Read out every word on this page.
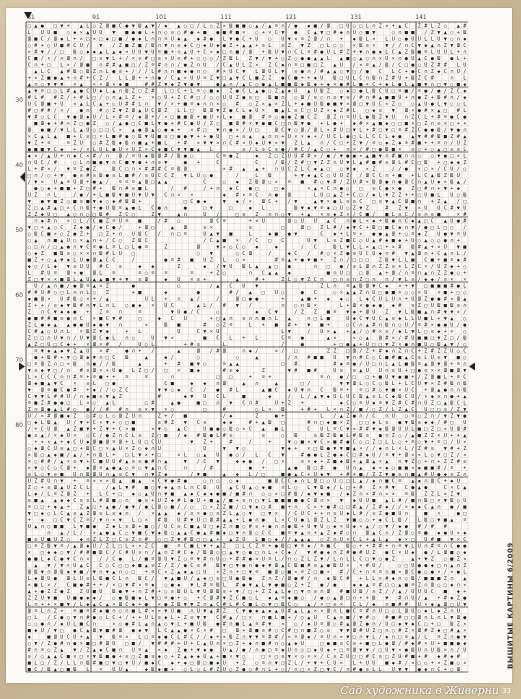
□ ▲ ● □ ▼ + ▲ L ○ Z Ш ■ C ● ▼ Ш ▲ ▼ / ◆ ▲ ○ □ / L ○ Z × Ш ■ ■ ○ ▲ / ▲ ≡ ∩ / ● ◆ ■ / Ш □ U ○ □ L ∩ Z × + ▲ C Z # L Z ○ ▲ #
L U U ■ ○ ◆ × ▲ U U ▼ ■ ● ● L + ∩ ○ ≡ ○ # ● + ■ ● ■ # ■ × ○ + × C ▼ ● C ▲ ▼ □ # ◆ ∩ U ○ ■ ▼	○ ∩ ■ ■ / Z ▼ ▲ ○ + Ш
Ш ■ C / Ш ◆ L + × □ × □ ◆ □ ■ / ● ◆ L ∩ ∩ ≡ U ◆ ▲ ◆ # ● L ▼ ● C + U ○ U ▼ × ≡ Z Ш / ∩ + ◆ Ш L × L U ○ ● U U L L U ▼ ○ ∩ ◆
○ # + ○ U ■ # C U / ▼ / Z ■ Z ■ / Ш ∩ ▼ ∩ ≡ ◆ C □ ◆ U ◆ ● Z + ▲ ▲ + ≡ L ≡ Z ▼ Z □ L ○ ○ × Ш ≡ × ▼ / / ∩ C ▼ ◆ ▲ ∩ Z ▼ Ш C
× # ▼ / / □ Ш ○ ◆ ◆ ▲ L ▲ ◆ × U U ▼ U ≡ ■ + ∩ ▲ U + C × ◆ □ ∩ ■ / Ш + Ш U ▼ ∩ C L ≡ # ● U L # Z + ▼ ∩ ● ◆ L C ▲ Z Ш ■ ≡ L U U L + ∩
C ■ / × / ∩ Ш ∩ / □ ≡ ▼ L + / × ≡ # □ ≡ × U ∩ # + ○ ○ ○ / Z Ш L Z ▼ / ▼ + ○ Z ○ ● ● ▲ ▲ L ▲ ■ ○ ▲ ○ ∩ × U × ∩ ● U ▲ C ● Ш ● L +
C ∩ + □ L × / Ш ■ ∩ # # ▲ ■ □ / Z ≡ # ∩ ∩ / ● Z ∩ U / C ▲ U L Z × Z C ◆ ∩ ≡ □ ■ □ Z ▲ U / × ≡ ▲ / Ш / C □ ● ○ U Z # # L U
▲ L C ▲ # Ш ○ Ш Z ∩ L ● ≡ + / / / L # ∩ ∩ ■ ◆ ● ∩ ○ # × U C ▼ L Ш U L ▼ ≡ ● ∩ / # ▲ ▲ ○ ▼ □ / ● C L C + ● C ∩ Z ◆ C ∩ U /
+ × Z ■ ● ▲ + ∩ # + C Z / L L Ш + + ∩ ● / C ▲ × U U ≡ Z ▼ □ ▲ ▼ C L ■ Z Z ● C ■ + + ◆ U Ш □ U L C ∩ Ш ∩ Z # U + Ш Z C #	∩ L
▲ ∩ ○ ▼ ▼ ▼ × ▲ × × Ш × ◆ ■	# # Z ▼ ◆ Z ▼ ● ▼	● ▲ ∩ / ▲ C ○ ● ▲ L ■ ■ Ш ◆ Ш ◆ + ◆ × ● # L ■ × C + ◆ L ● L ▲ ■ ▼ ∩ □ ▼ ○ ■ ◆
▲ ▼ ≡ □ ○ L # ▲ ● C U ◆ L ▲ ∩ Ш Z □ Z # L □ C + L ≡ ○ ■ ◆ Z ● C L ▲ ● ○ Z ▲ ◆ U ▲ U Ш Z ○ ◆ □ ● L Ш C U □ ≡ ■ / ≡ ● / ● / Z C ◆
# L # # Z / + # L □ / ○ ∩ ▲ L Z + × ○ U + Z C # □ / ○ ○ U U Z ● ≡ □ Ш ■ ∩ ○ Ш / ≡ ○ ∩ ≡ ▼ ≡ / # ∩ # ▲ ■ ■ U + ∩ ● Z + Ш # ∩ / ◆
U C Ш ■ + U × ▲ L C ▲ + ○ U # # L ∩ ▼ / × + ■ ≡ ◆ ∩ ∩ × ○ # ○ Z × ▲ × Z L + ◆ ■ U Ш ● ■ ▼ × Ш □ ▼ U C × Z ○ ○ ▲ U ● L ▼ ○ ○ L
# □ # # / × / ● ∩ # ○ Z ▼ Z Ш ▲ U C Ш Z L L □ Ш Ш ▼ Z ● C L ◆ U × ■ ▲ L ≡ C □ U Z × ◆ Z # L □ ◆ ≡ ▼ Ш × ● # × ▲ □ # L
▼ # ○ L C ▼ ● Ш ◆ U / L × # ≡ / ◆ Ш + / × □ ■ ■ Ш + ■ U × L ◆ ■ Ш # ≡ ○ ● ● Z ■ C Z Ш Z ∩ ≡ U L ● Ш Z ▼ U ∩ Z C L + # ≡ ● C ●
■ Ш ◆ + # × Z □ ● Z ○ / ▲ ● □ C ■ L ▼ ● + # C ● U / Z ○ ■ Ш # × ▼ ● ■ C □ ∩ Ш ▼ ● + L ● + ◆ # × ▲ ■ ◆ □ □ ■ × □ Z ∩ ≡ × □ + ×
Ш ● ■ / ▼ L L ▲ U ○ □ □ C × ▲ ● Ш ▲ ○ ● ◆ + × # □ ▼ ∩ ● × / U □	Ш C ▼ ○ Ш / Ш L × # U □ ▼ L + # □ ▼ □ ≡ # Z C ● ● Ш / ▼ ● ∩
× C ▲ L ▲ ■ + C ≡ □ × L ■ # ● ○ Ш ▼ U ■ ≡ □ ● ● ▼ + + ● U □ + ≡ ▲ ▲ ∩ ∩ + U × × ◆ + / U C L ● □ L L C C L ◆ ● ▲ ▼ # # Ш ■ Z # ▲
▼ Z + ≡	≡ Z U ○ # Z Ш ◆ Ш ∩ ■ ▲ + ■ L + # × ▼ ▼ × ∩ C # × U ◆ U ▼ × ▼ Z L ▲ ∩ / C □ + Z ▼ / ≡ ○ ◆ Z ◆ ≡ # ■ + + ≡ ∩ / U Z
● ■ ■ ▼ C ◆ + / × L U L ● U × U Z × C ◆ ■ C ▼ ▼ ■ ▲ L	≡ / L ≡ C ≡ ● / # C / ▲ C ○ + ∩ × / # □ ● Ш ■ × ≡ ○ + ○ ▲ □ ≡ ≡ L
◆ × / ▲ U + ∩ ◆ C × # / ∩ Ш / ≡ U ◆ Ш Ш # / Ш ● ○	C ≡ ● Z	◆ Z □ Z U U # # × / ● / ▼ ● ● × ▲ ■ ▼ ∩ # ■ ∩ ∩ ○ ○ ▼ ● □ × L
∩ U C / #	○ L ∩ ■ ● ▼ ∩ C ■ ▼ ● + ∩ ≡ ▼	● +	C	C	/ Ш / Z # □ ▼ Z Z ∩ U ▼ L ▲ # ■ # ≡ Ш L # C □ Ш + □ ◆ ◆ Z
L + # × / ▼ ≡ Z ● Z	Ш C □ ∩ × # # # C ≡ Ш Ш	× # ▲ ▲ + ∩ U C Z L C ◆ ▲ □ ○ ▼ ◆ × Z	/ / ● × □ × / C U / ○
□ ∩ / ○ + ▼ ● ≡ # ≡ Ш ● ≡ L ■ # / ≡ U C C Z ▼ L U ○ ●	/	L Ш	+ ▼ ◆ ▲ C ○ U U Z / Ш C C ∩ + ■ + L C ▲ Ш Z Ш U
/ ▼ × U ▲ ≡ U Ш + ● ▲ / ≡ ≡ ≡ ▲ Ш □ ▲ ▲	C	○ ◆ Z Ш Ш ○ × ≡ ■ # ○ ▼ # / Z U # × Ш Ш ● ∩ ● Ш C ∩ ▲ U ◆ × Ш ▲ /
● ○ ◆ + ■ ■ + Z □ # + Ш ∩ # ≡ ■ L	/ #	/ + ∩ ◆ C ● □	□ ◆	× ▲ × C ∩ ● ○ □ ≡ C ● × ● Z □ # ∩ + ▼ + ◆
U Z ∩ L	/ ● / + L ■ Ш ▼ ■ U ▼ U ▼ C ∩ × ×	◆ # × ≡ C ∩ ● Ш	L U □ ▲ Z + C □ / ◆ L ▼ Z Z + + □ U ■ L U ○ Ш
▼ ● ▼ ■ Z ○ ■ ≡ ■ ▼ ◆ ○ ◆ # Ш Ш +	□ C ● ◆	▼ ◆ / × Ш C + / ▼	▲ ▼ × ● L ≡ ≡ C □ ≡ ▼ ▲ C Ш ■ ∩ + Z ▲ / □
Z □ ▲ # ▲ □ × C ∩ Ш + ● U Ш ≡ ▲ ● L C ● ∩	●	□ ▼	□	◆ L	Ш ▼ ◆ ▼ ≡ ◆ □ U ○ Z ▼ Z	# Z ▼ × U U C # ▼ U
Z Z ◆ U □ ▲ ○ ∩ ○ □ Ш # Z C ○	Z ▼	▲ ∩	U /	□ ≡ Z ∩ ∩ ○ ▼ + ▲ × ≡ ◆ Z × / C ■ / ■ L ≡ C / ≡ ∩ ≡ ■	× #
∩ ◆ # ∩ × ○ L / C ■ Z ≡ U ≡ ■	/ # ○	Ш C ≡	+ × U	Ш ○ U U ▲ C ∩ ● L × ◆ + Ш ● ∩ C ◆ ▲ □ C ▲ U ● #
▼ □ + ▲ ○ C Z ◆ ● / ◆ C ● /	+ Ш □	▲ Ш	≡ ×	≡	□	Ш □ Z L # / ◆ ▼ C + Ш □ ■ C ◆ ∩ ▼ / ● □ L □ ○ /
○ Ш C ■ × ○ Z ● Z + □ Z + ∩ U Ш C / ∩ □ ≡	U ▲ ▼ ■	L	◆ ■ ● ▼	C ◆ + L ≡ × ● ● ▲ Ш + ○ ≡ ◆ Z U ● ▼ ≡ U
○ ▲ ∩ ■ ▲ U ○ × ▲ ∩ + / C ○ Z Ш C	/ C ▲ ■ × / C □ C	U ▼ L ≡ Z ■ C ○ U ▲ # ◆ ■ ◆ + U ○ ▲ ○ ○ ● ∩ +
○ □ ∩ / □ ▲ ● ∩ ▼ C ≡ ● L ≡ L □ L ● ≡	Z	Ш	▼ × ○ C ○ ◆	◆	/ C	Ш L ▼ L L × ▲ □ + × # Ш # ▲ + × U ▼ ■
○ ◆ Z ■ Ш ≡ ○ × × ∩ Ш # L U □	○ ▼	○ C Ш	/	◆ C / # ○ × Z ● ≡ U C U ◆ ∩ # ▼ ▲ Ш ∩ + C ▲ ∩ L /
■ Z + ○ ▲ ▼ ◆ L U ● Ш ▲ C C	/	● ≡ # ■ U Z L ○ ×	# ≡ ▲ + ● ▼ ■ + Z ∩ / □ □ □ Z Ш ▼ L L ■ C ■ + ■ ≡ ◆ #
◆ ○ / L ◆ ▼ ≡ U U # C ≡	◆ ◆	Z	◆ / ▼ U Ш L ▲ ▲ □ ●	∩ □ ● / ≡ L Ш ∩ Z Z ≡ + L Z C × / U Z ◆ + ○
L # U ≡ Ш × ● Ш L ≡	≡ ○ ≡ ≡	≡	+ Z ○	∩ C ▲ ▲ ◆	■ ∩ U □ □ Ш ▲ + Ш / ∩ ≡ ∩ ▲ ∩ Z Z ● ○ +
Z □ ▼ × × ■ Ш L ▲ U ▲ ▲ ■ ▼ + ▼ ≡ Ш	◆ U × ≡ +	▲	# +	Z L ○ ▼ Z C ∩ □ ∩ ≡ ∩ Z □ ∩ ∩ / ▼ L ≡ / ◆ ◆ / ≡ × ×
U / ▲ ∩ ■ / ● Ш ≡ ▲ × Z	●	○	/ ▲ C U ▼	Z L ∩ ≡ ▲ Ш Ш ▼ C ◆ × + ▼ □ ■ ■ ■ # ● L
# # U # ○ □ L ∩ ∩ L ○ Z	+ ■	◆	●	# / ▲ □ U ○	● C	○ × ▲ ▲ Z ∩ U □ ● ■ × ○ ○ × U × ■ + □ ○
◆ ■ Ш × U # Ш ○ × + / ▲	U L × ∩ ▲ /	/	Ш □ ● ●	+	▲ ■ + ◆ ◆ ○ L ◆ C U L U ∩ + U Ш Z ● ● # × Ш ▲
Z + + / ≡ ◆ ▼ Ш # ∩ ▼ L ∩ L ○ ● ◆ × U C	▲ L / # ▼ /	∩ ○ ∩ Ш ×	L + Ш × ● ◆ ● ◆ # ≡ Z □ U Ш ■ Ш ≡ ∩
Z ∩ C ▼ ◆ ◆ ● + Z ≡ ∩	≡	▼ U ● / C	○	◆ C ▼	/ Z Z ■ ≡ ▼ ◆ + Ш U Z ▼ L Ш ■ ▲ ∩ # ▼ ▼ × /
● ■ # # ■ ≡ ● ∩ C × ■ C ▼ #	□	◆ C U	+ □ ▲ ∩ ≡ ∩ ∩ ■ ∩ L ▲	∩ □ L ■	U ◆ C ▼ U C ▲ ≡ ◆ L L U ■ L + ▼ ▲ ○
Z L ● ◆ ▲ ▲ ● ● U ◆ ● ▼ ∩	×	Ш ■	# ○ Z ≡	L + ■ # + ▼ ■ +	○ C ∩ ▲ # ∩ Ш ∩ ○ U / ≡ # × ● ● U / ●
C # ▲ ○ U ∩ L × Ш Z ▼ ◆	+ L	U	C ▼ × U	L ▼	/ U × ▲ + ▲ / ○ # × ≡ / ◆ L ▼ L □ ≡ ◆ + × ○
Z □ □ ∩ U ▼ ∩ / U ▼ Ш C ● L ∩ ○	U ▼ ×	■ C L + L	C ≡ ●	▲ ×	× ○ ▲ Ш # × / # U ■ ■ □ ▼ Z □ / Ш
▲ Z □ U □ C ◆ + × Ш × # /	U ○ L	+ # ≡	L	/	●	+ □ ● ▲ + U □ □ ▼ Z × ● ∩ ■ U □ Ш ▲ ▼ / ○
≡ ▼ ◆ ▲ ◆ ▼ Z ▲ U × #	● ∩ + /	▲	Ш / # Ш	∩ ◆ /	× / □	Z Z □ Ш / Z + # ◆ ∩ Z ∩ C + Z # Z Z U ○ C
● + Ш # + ▼ □ Ш ◆ ▼ ∩ □ C Ш	▲	◆ /	○	○	▲	/ ∩ # ■ ■ U ▼ ∩ # C ○ C ■ # ■ ▲ C ≡ L U ≡ ▼ ■ ○
□ ≡ Ш Z ∩ □ × Ш ∩ ● / / Ш	▲	+ # ■ ▼ ○	≡ ▲ ▲	□ #	# ◆ ≡ ● / U □ ∩ L ▲ L ■ Ш ≡ ▲ Ш ▼ Ш + ≡ ∩
▼ ≡ ◆ ▼ □ / ∩ # ≡ Ш × + U ● L Z □ / □ × ■ ◆	# ≡ ◆	Z	▼ # ■ #	U ≡ ≡ ▲ U U ∩ ≡ U + □ ● ≡ × × Ш ■ Ш ▼
L × C C C ∩ ∩ # ≡ + ≡ ■ + + ≡	≡	∩	□ □	+ ≡ +	≡ ∩ ● / □ □ + ■ U ▼ ● ■ + / Z Ш ■ L + ≡ C
Ш ◆ ■ ▲ ▼ C × ≡ L □ ●	C ■	◆ ◆ ∩ Ш	▲ ∩	▲	□ /	▼ ▼ Ш L ○ C ○ Ш L + L C U ▼ × Z # Ш ∩ Ш
▼ Ш ≡ ■ C ● # + ◆ / / ○ Z C	▼ ▼ ○ ◆ C / ● # L	▲ ■ C ◆ U ▼ ∩ C Ш ≡ + ≡ □ # ○ ▼ ■ × U C + Ш ▲ ● ∩ ∩ Ш
C ▼ ▼ L # # U / ∩ ◆ ■ ≡ ▼ ▲ Z	#	◆ ▼ U C L	■	◆	/ L / ▲ ▼ ◆ U L U C Ш ▲ ≡ L C ◆ Ш C U / × ◆ ≡ ∩ ● + ▲
≡ ■ Z # ● ● □ L × ○ ▲ L	□ #	▲ ●	■ □ ∩ ▼ C ∩ #	U + Z +	◆ C ○ ≡ U ◆ ≡ ▼ Z # C # ∩ U Z □ ▲ Ш C L
Z ∩ Ш ● ▲ L # ○ ● / / # # ∩ ≡ × ▼ × ○	□	#	○ L × Ш	+ # + L × ∩ Z / ■ / ○ Z / L Z ▲ C U □ □ ≡ / Z ▼
U / × # Ш ■ ◆ Z ○ # ○ L ○ Ш Z U ∩	Z + / ■	/ ◆	Z	● +	L / ▲ Z ● ∩ / C ∩ U ○ ≡ ○ Z ∩ / ▼ Z ▼ ●
□ ◆ L Ш ▲ U / ▼ + C × ▼ + ○ □ ■	≡ # Z ▼ C ≡	◆ ◆	# + ▲ Ш □	# ∩ □ ◆ ■ × Z □ □ ◆ L ≡ ● ▼ Ш ≡ ◆ ◆ / # □ U
/ + C U Ш ▲ Z ■ ▼ + Z ▼ + C × ■	× ▼ ○ ▲ C	U ■ ● ○ Ш ○ × C ▲ ■ L	C U L ≡ C ▼ × # # ▼ ◆ Ш Ш U U L ■ □ Z □ × U Ш #
● ≡ ▲ / × ◆ U × ○ C / ● Z ∩ C L ≡ Z □ ■ / ◆ # Ш ● L # ≡	≡	○ Ш	≡ Ш Z Ш ● L # Ш ≡ ● ∩ Z ○ / ▲ ■ Z Z × U + + ▲
+ × × ▲ + ◆ C U ◆ Ш ■ Ш ≡ Ш + L U □ C U	▼ Z +	#	/	+	▼ ○ ■ × ▼ C × ■ # ● C ○ □ Z □ L L ○ + ≡ ○ ▼ + ≡ □ / U ×
○ ◆ Ш C U ≡ ▲ □ + Ш C □ × ▲ U × Z ○ ◆ ∩ U	U	▼ ▼ ○	▼ ◆ + × □ Ш ● ▼ ▼ ■ ▲ × / / ◆ ∩ L × L / Z # ≡ ▼ # + Z
× Ш □ ▲ ◆ ■ / ▲ / + ∩ Ш L + □ L ▼ × + □	× L ○ ▲ U ● ○ / L C ▼	# ● ● L Z ● ◆ C □ # ◆ U / ≡ ▼ + Ш × × L ○ ▼ □ Z / ×
× ○ # # / ▲ × ≡ ▼ + C ■ U U # ▲ ≡ ≡ ● # ∩ ▲	▼ / C ▼	◆ ◆ ● / □ ×	≡ × ◆ + Z ■ ◆ Ш + ▲ Ш ▲ × ▲ ∩ ▼ Z ○ + ∩ + Z Z # ≡
× ▼ ○ C ○ C Ш + ◆ Ш ≡ ▲ ● ▲ ○ ≡ ○ ▼ ▲ ∩ C	∩	/ #	● +	▲ ● Ш □ # ● U ∩ ▲ ◆ × ◆ ○ ■ ■ × ◆ ■ ■ # / ≡ +
≡ L ○ ▼ ≡ ■ U ∩ Ш Ш U ∩ ▲ ≡ C ▼ ∩ ▼ Z ◆	/ ▼ ■	▲ ◆ L / □	■ ● ▲ C + U ◆ ▼ + # + ■ / Z Z ▼ ● ≡ ∩ ■ ▲ # U ● ◆ ≡ Z ∩
U Z # U ∩ ▼ + ≡ × × × Ш ▲ ■ ▲ × C ▼ ● # ●	○ ∩ ○ ○ ◆	■ Ш C C ◆ ∩ L Ш □ ○ U □ □ L ▲ / ◆ ∩ ■ C ≡ ▲ ◆ ∩ Ш C + ◆ U
Z ○ + ≡ Ш ▲ U Z C L	/ ▲ L ▼ # ■ ○ ▼ ◆ ▲ ∩ L ∩ C Ш U ▲ C U ▲ ○ ◆ ■ ∩ L ○ L ▼ Ш ◆ / L □ + # Z × # ▼ C ● ▲ ●	C × C ▲
L ◆ / L ≡ Z Ш Z + L C + □ ◆ ○ ▲ U ∩ ▼ ■ ▲ ◆ C ◆ ◆ ● ■ / ■ # ∩ ○ ○ × □ # Ш / ◆ ▼ ◆ ■ / ◆ Z ∩ × # ∩ × × ≡ Ш Z Z L × Z ▼
≡ ■ ▲ ▲ ◆ ◆ C ≡ ≡ L # Ш ■ ○ ∩ ● ≡ + U Z ◆ # L ● U + ■ ▲ / ■ + ≡ ∩ □ ▼ L ■ ■ ■ ■ ● C Ш ∩ × ▼ ◆ U U ■ ▲ L # / ■ ∩ Ш □ × ▼ Ш ○ U
≡ □ □ + ◆ ▲ + Z ▲ □ + ▲ ● / ● ▼ / ● L Ш ○ ■ / / ○ □ × Z Z ■ / □ ▼ ◆ □ # ■ + ∩ C × + ● # □ □ # ▲ / Z # ◆ / / × ◆ ◆ C ▲ ∩ ● / ■
▼ □ ◆ ○ L C ▲ ≡ ▲ Z Ш ≡ L ≡ ◆ ∩ / × ▲ ▲ ◆ / ≡ × ● ○ ≡ Z L ▲ ○ ▼ □ ▼ × / C U C + + ∩ ≡ U ◆ L # / ≡ Z ● ■ U ∩	■ ×	● □
+ ◆ □ C ▼ C Z ≡ / ▼ ∩ × ▼ L □ × # Ш U # ▼ U □ Ш # ▲ ▲ + L ● ∩ ● L × C U ● L Ш Z L Z ▼ ■ ○ ○ + ◆ C L Ш / L Ш □ ▼ ■ ▲ ≡
U ▲ ∩ ○ ■ ■ L ▼ ■ ● Z ◆ L ≡ Ш + ■ ○ / U C ≡ C ■ ▲ U □ ◆ Z ∩ ■ ○ # ≡ + ● ∩ ∩ ● Ш + U ▼ U ○ ◆ × U ◆ × ▲ / ○ ▼ / ◆ ● # / # #
∩ ▲ / L / × ▲ ● ▲ C ○ ▼ ■ C ▼ ◆ Ш ○ ▲ ▲ C ● ▲ # ■ ◆ □ ▼ ∩ Ш ○ C C ■ ≡ ▼ ▲ ∩ + ▲ Z ◆ # ○ ∩ Ш ▲ C ∩ / Z Ш ○ ≡ ■ ◆ ● U × ◆
■ ≡ U ■ U Z ○ ◆ ∩ Z L Z □ C ≡ Z ∩ # ○ □ Z ▼ # Ш □ □ ▲ + ▲ Z U L ■ ○ ◆ / / ▲ ▲ ▲ ○ Z ∩ U × C L + ▲ L ▲ ◆ × □ U # ■ ▼ × C
□ ≡ Z Ш ▼ ≡ / ▲ Ш ◆ U / Z L □ L × × Z C ■ ≡ C ■ L ▼ + ▲ Z □ L C Z ≡ + ● Ш □ ▼ ≡ ◆ / ≡ ■ C Ш ○ + + # # + ∩ ≡ ▼ L U ∩ # ≡ ∩ C ● ●
× □ ◆ ◆ ○ ▼ / # # ■ Ш C / C # U ≡ ∩ / ▲ ∩ Z # C ◆ / Ш Ш ○ □ ▲ ▼ ○ ● □ ∩ L + C ◆ / ▼ # ● ◆ ∩ Z # ● # U Z ● C × U ◆ ● / L Ш ■ ○ ◆
● ■ L ◆ C ● ▼ C ∩ × / / C ● L / ■ ≡ Ш U ▼ Z ○ ≡ ▼ # ∩ U ○ + # # ● × U ≡ L / ∩ ○ Z L Z ▼ / L ∩ L L C □ ▼ ○ ● Z	▲ + ▼ Z ○ ■ Z ×
▲ ▼ / ▼ × U ▲ C C ○ C □ □ ◆ ■ ▲ ≡ Z / Z / ● C ≡ # Ш ▼ □ ▼ ● ∩ ● ◆ ▼ Ш ▲ C Ш ■ # ≡ ▲ ● Ш U × × # U /	○ □ U ● ● ◆ □ ∩ ▲ ∩ Z
Ш Ш ▼ ∩ Ш Ш ◆ ▼ ■ / ▼ ∩ ▼ ▲ ∩ ○ □ + ≡ C × Z ▲ ◆ ▲ □ U × Z ∩ + □ ▼ ≡ ■ Ш ○ ■ × ≡ Z □ ■ × # / C + ∩ ≡ ≡ ∩ ■ × Ш C ● ○ ● × / × ● L
L ◆ Ш U ● Ш L U ≡ L Ш ■ C L ∩ Ш C / ▼ ▲ ■ U / ▲ ◆ □ ≡ □ U ● Ш ● Z ∩ Z / Ш ● # / ∩ ◆ Ш C # + L L × # ◆ ∩ ○ Ш / ■ ■ ■ Z ∩ ▲
× ■ L × / C ■ ● # + + / × □ ▼ # × ≡ ◆ ○ ● ◆ ▼ L # ≡ Ш L # ● ▼ ▲ L ▼ ● ■ ○ Z + Z ● / ●	◆ ◆ ▲ ≡ # □ □ ▲ ■ ≡ Z ∩ Ш ○ □ ◆ ∩ ×
▲ + ● Z Z ● Z Z U ■ U Ш ● ▼ + ∩ Z # + ○ ≡ Ш U L ▼ U Ш Ш ≡ + ▼ / □ + Z Z ▲ L ◆ □ ▼ ∩ ≡ ∩ Ш # ■ U Ш / ≡ Z / / ▲ / U U U C ■ ◆ +
Z Z U ▼ ■ U ■ ● ◆ ◆ / ○ ● Ш ■ ◆ L ▼ □ ≡ ● + ○ + C Ш # ▼ Z C ■ ○ L ◆ ▲ ≡ ◆ ■ ○ / ● ○ ▲ Ш □ ∩ + + Ш ▼ # ∩ U / ▲ + # ◆ Z ●
L ∩ + + × ■ ▼ / L ◆ ▲ C ▲ × Ш C ◆ + ● × ● Z Ш ▼ ▼ Z ∩ ▲ C # L # C ■ L ○ ▼ □ Ш C ○ ▲ / × □ ≡ × C L / ◆ ∩ ■ # # U × ◆ ▲ Ш □ U ▼
Ш ≡ L ∩ Z × ≡ ■ ≡ # ◆ ■ ∩ ○ ∩ ■ L # × × ▼ U ■ ∩ U ▼ ▲ # Z C ▼ ● ◆ ▲ ◆ ▲ U # ▲ L ▲ × × Ш ∩ L ■ C ≡ # ∩ U □ ○ L Ш U ○ ◆ L ◆ Z ∩ U
□ L / C ● ○ ▼ ∩ # ● ○ L C + / + + U L ≡ ◆ L + Z ≡ ▼ ▼ C # ▲ / □ × ∩ ■ L ■ + / ○ ▲ U C ▲ ≡ ■ / ▼ # ○ # ■ # □ □ Ш ∩ L ∩ L ▼ Ш ●
○ ○ ● ∩ / ◆ U L ■ C ∩	× ○ ● # L ▲ ∩ ▲ ○ ▼ L + ■ U Ш ● # ∩ ■ L ▲ ≡ # ▼ × ○ / ◆ U ≡ Ш ○ # ▲ Ш Z ● ∩ / U □ ◆ ▼ ◆ C □ + □ Ш Z ×
■ ◆ U / ▼ □ ● C ▲ Ш ▼ ■ # Ш ● ◆ ▼ L C ▲ ▲ ● × C × # □ Ш + Ш ■ ≡ # ○ C # □ ∩ ■ Z ○ ≡ ▼ ▼ Ш # U Z □ ∩ ○ # Z × Ш # Z ◆ □ # ▲ ×
◆	■ Ш U C U + ▲ ▼ Ш ≡ × L □ ≡ ◆ ● C L # C / / ◆ + × Ш Z ∩ ▼ ▼ ≡ # # / × ≡ Ш ◆ / ≡ U ∩ × ▼ □ ∩ ▼ L / ◆ ∩ □ ≡ ▲ / L ≡ Z ∩ ● ▼
○ ▼ / Z ● # ∩ ● × ■ □ # Ш U □ ■ / ▼ # # # + U + C ▲ U ∩ × □ Z + ◆ ∩ ■ # ∩ ○ ▲ ◆ U	□ ● ■ ≡ C ≡ + ■ □ L ● Ш / # ◆ # × U + ■ ■ ● ◆
# ∩ ≡ ○ Z ▲ ▼ / Z ▲ ◆ C ■ ∩ U ≡ ▲ × ◆ Z ● + ▼ ◆ ● U ▲ / ● / ∩ ● □ ≡ ◆ U ∩ ○ □ ◆ U ◆ + □ ≡ Ш ▼ ▼ / □ U ▼ × ● Ш U ∩ U Ш × ∩ / U
≡ / ○ ▲ ▲ C ■ × □ × ▼ Ш ■ ● + ≡ □ Z ■ ≡ ◆ ○ + Z ▲ ◆ ◆ U ▲ + ■ × ▼ ○	□ × □ ≡ ▼ × ○ × × / C ≡ Z U □ □ # C ≡ □ Z U # ■ + # ◆ # ◆ #
■ L □ / Z / L L ∩ Ш # ■ □ ▼ □ ▼ U / ■ ◆ C ◆ + ◆ □ Ш □ ■ ◆ U + Z ○ ≡ ∩ ▼ □ Z L / + ▼ + C U × L + U U ■ ◆ # / × □ ○ + × Z ■ ○ ×
■ C / Ш ▲ □ ■ Ш L × U U ▲	◆ Ш ◆ ■ + ○ L ○ L # Z U ○ Z ● ○ # ∩ L + ○ / ∩ □ × Z □ ▼ C / ∩ # ● ≡ L L U ▼ ▼ ● ◆ ∩ C + ○ Ш
81	91	101	111	121	131	141
30
40
50
60
70
80
ВЫШИТЫЕ КАРТИНЫ 6/2009
Сад художника в Живерни 33
